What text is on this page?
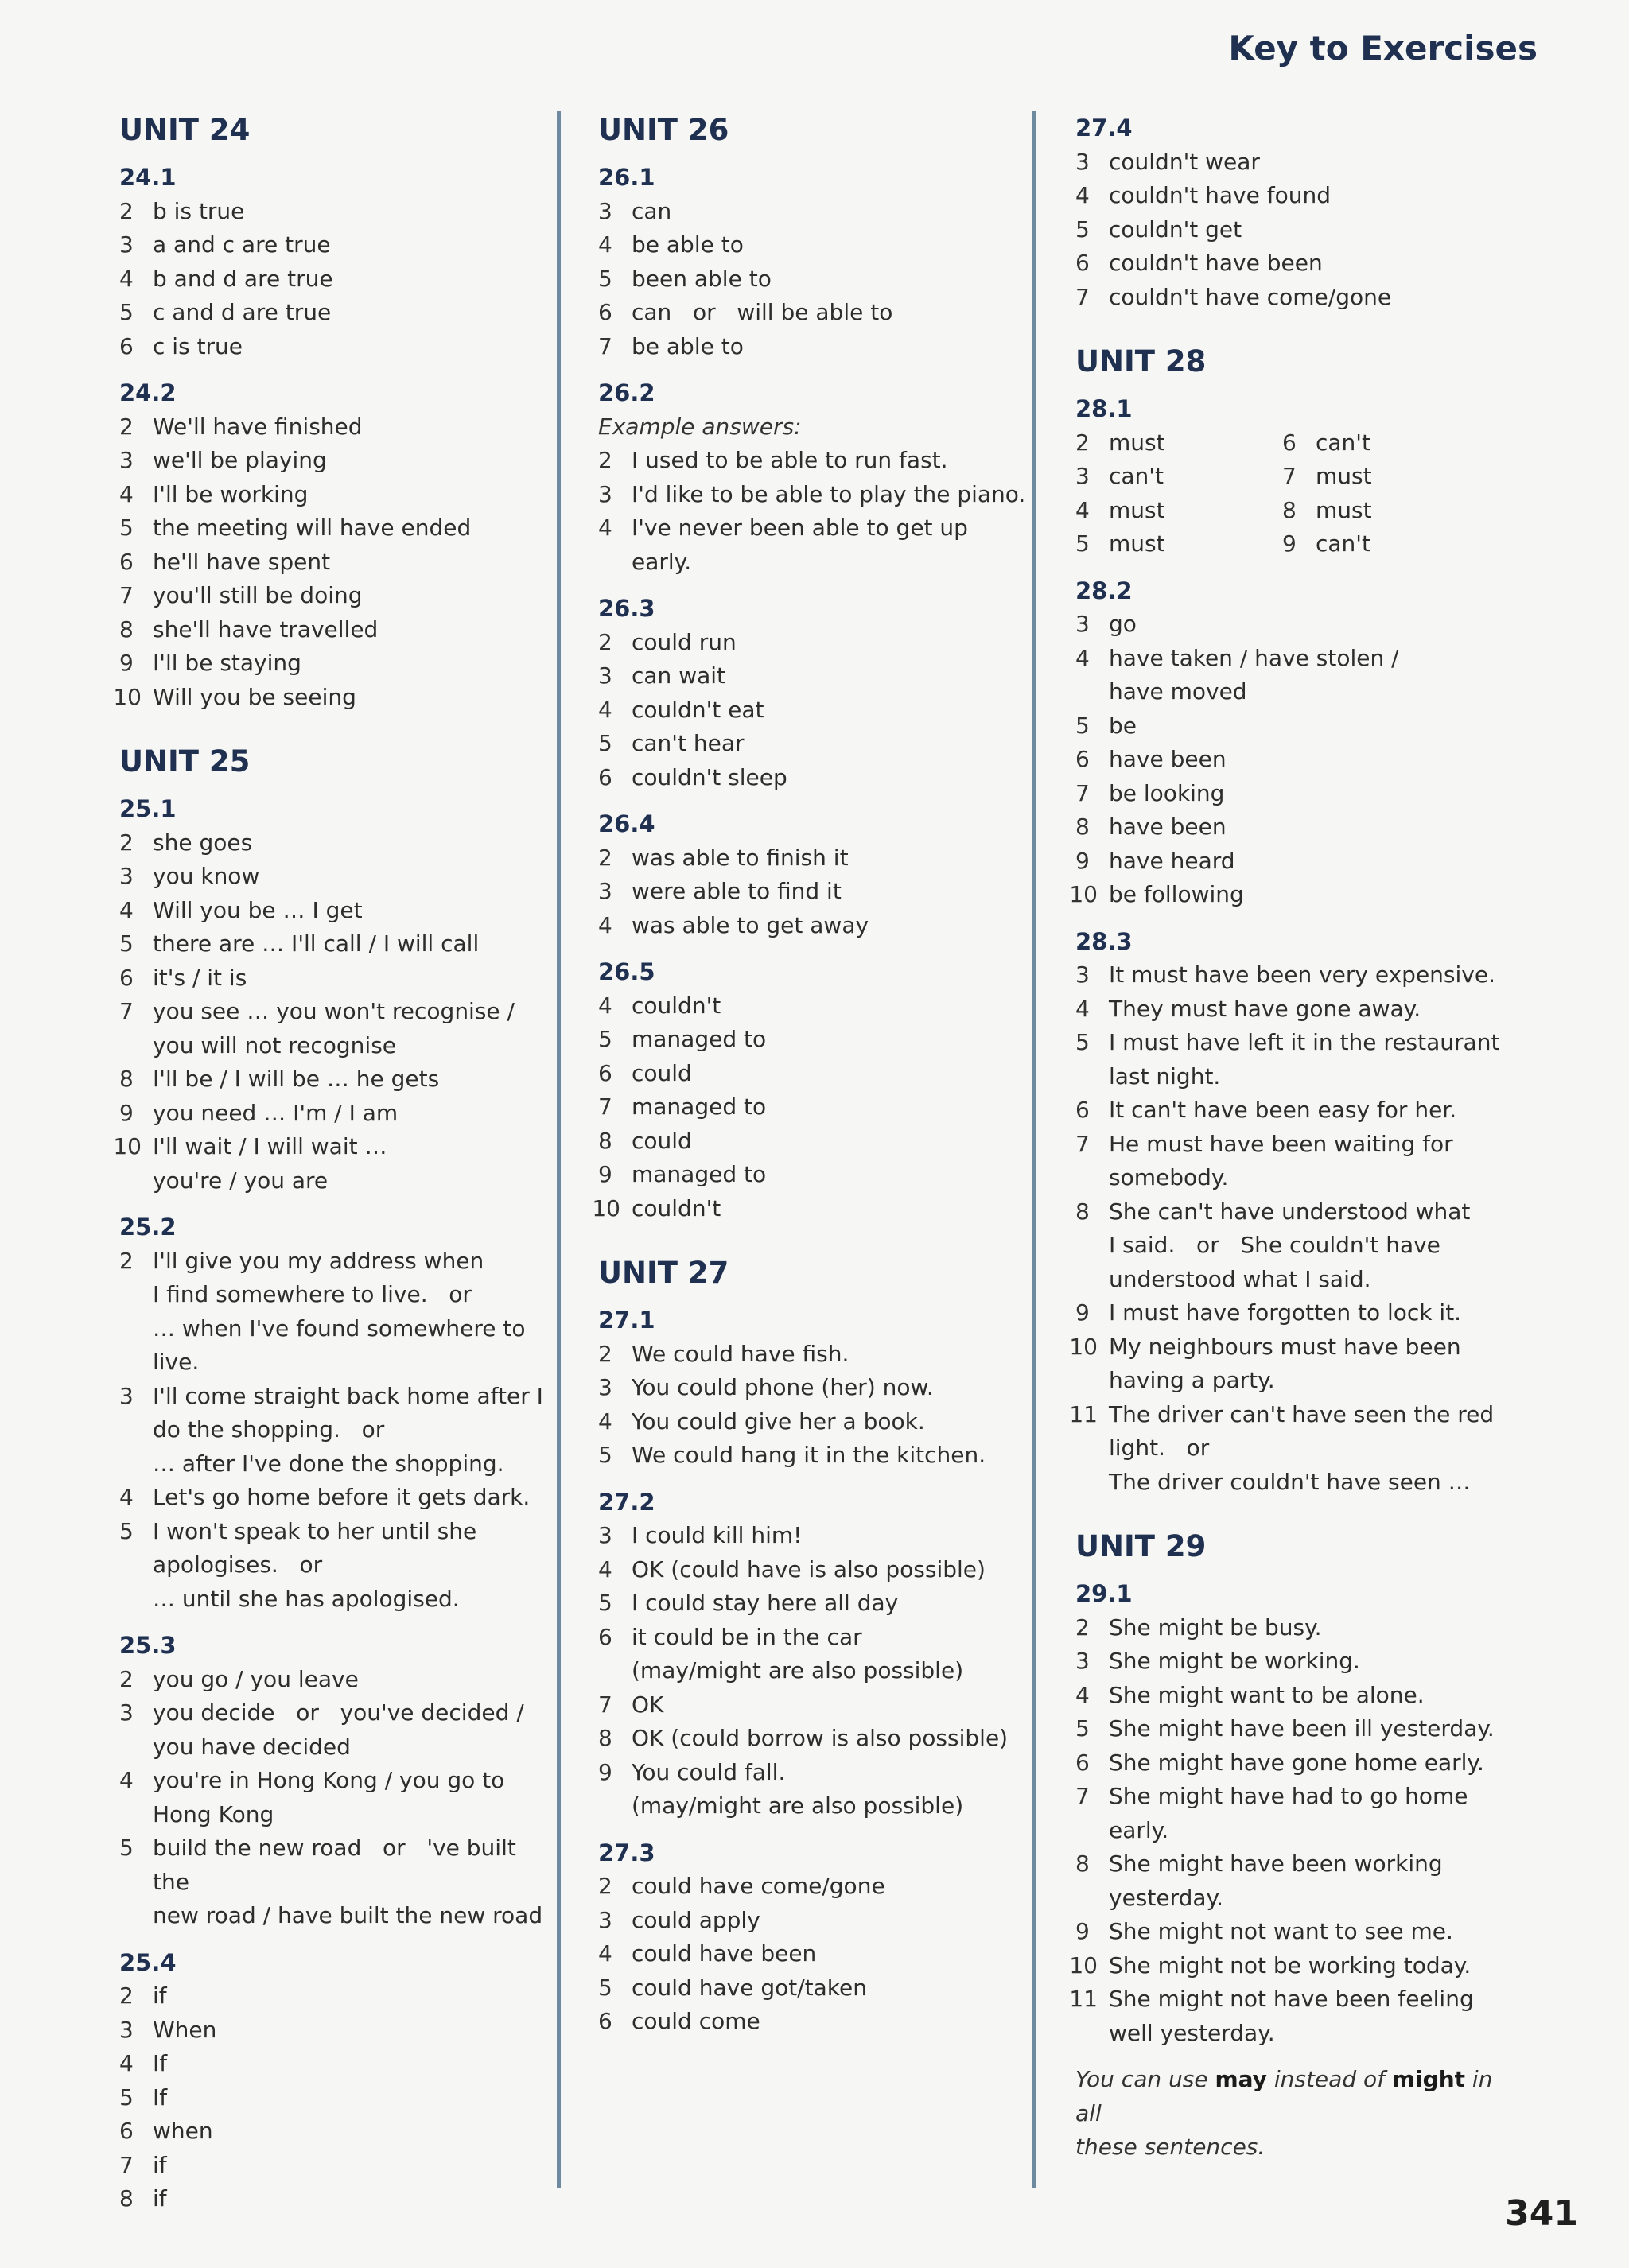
Key to Exercises
UNIT 24
24.1
2 b is true
3 a and c are true
4 b and d are true
5 c and d are true
6 c is true
24.2
2 We'll have finished
3 we'll be playing
4 I'll be working
5 the meeting will have ended
6 he'll have spent
7 you'll still be doing
8 she'll have travelled
9 I'll be staying
10 Will you be seeing
UNIT 25
25.1
2 she goes
3 you know
4 Will you be … I get
5 there are … I'll call / I will call
6 it's / it is
7 you see … you won't recognise /
you will not recognise
8 I'll be / I will be … he gets
9 you need … I'm / I am
10 I'll wait / I will wait …
you're / you are
25.2
2 I'll give you my address when
I find somewhere to live.   or
… when I've found somewhere to
live.
3 I'll come straight back home after I
do the shopping.   or
… after I've done the shopping.
4 Let's go home before it gets dark.
5 I won't speak to her until she
apologises.   or
… until she has apologised.
25.3
2 you go / you leave
3 you decide   or   you've decided /
you have decided
4 you're in Hong Kong / you go to
Hong Kong
5 build the new road   or   've built the
new road / have built the new road
25.4
2 if
3 When
4 If
5 If
6 when
7 if
8 if
UNIT 26
26.1
3 can
4 be able to
5 been able to
6 can   or   will be able to
7 be able to
26.2
Example answers:
2 I used to be able to run fast.
3 I'd like to be able to play the piano.
4 I've never been able to get up early.
26.3
2 could run
3 can wait
4 couldn't eat
5 can't hear
6 couldn't sleep
26.4
2 was able to finish it
3 were able to find it
4 was able to get away
26.5
4 couldn't
5 managed to
6 could
7 managed to
8 could
9 managed to
10 couldn't
UNIT 27
27.1
2 We could have fish.
3 You could phone (her) now.
4 You could give her a book.
5 We could hang it in the kitchen.
27.2
3 I could kill him!
4 OK (could have is also possible)
5 I could stay here all day
6 it could be in the car
(may/might are also possible)
7 OK
8 OK (could borrow is also possible)
9 You could fall.
(may/might are also possible)
27.3
2 could have come/gone
3 could apply
4 could have been
5 could have got/taken
6 could come
27.4
3 couldn't wear
4 couldn't have found
5 couldn't get
6 couldn't have been
7 couldn't have come/gone
UNIT 28
28.1
2 must
3 can't
4 must
5 must
6 can't
7 must
8 must
9 can't
28.2
3 go
4 have taken / have stolen /
have moved
5 be
6 have been
7 be looking
8 have been
9 have heard
10 be following
28.3
3 It must have been very expensive.
4 They must have gone away.
5 I must have left it in the restaurant
last night.
6 It can't have been easy for her.
7 He must have been waiting for
somebody.
8 She can't have understood what
I said.   or   She couldn't have
understood what I said.
9 I must have forgotten to lock it.
10 My neighbours must have been
having a party.
11 The driver can't have seen the red
light.   or
The driver couldn't have seen …
UNIT 29
29.1
2 She might be busy.
3 She might be working.
4 She might want to be alone.
5 She might have been ill yesterday.
6 She might have gone home early.
7 She might have had to go home
early.
8 She might have been working
yesterday.
9 She might not want to see me.
10 She might not be working today.
11 She might not have been feeling
well yesterday.
You can use may instead of might in all
these sentences.
341
